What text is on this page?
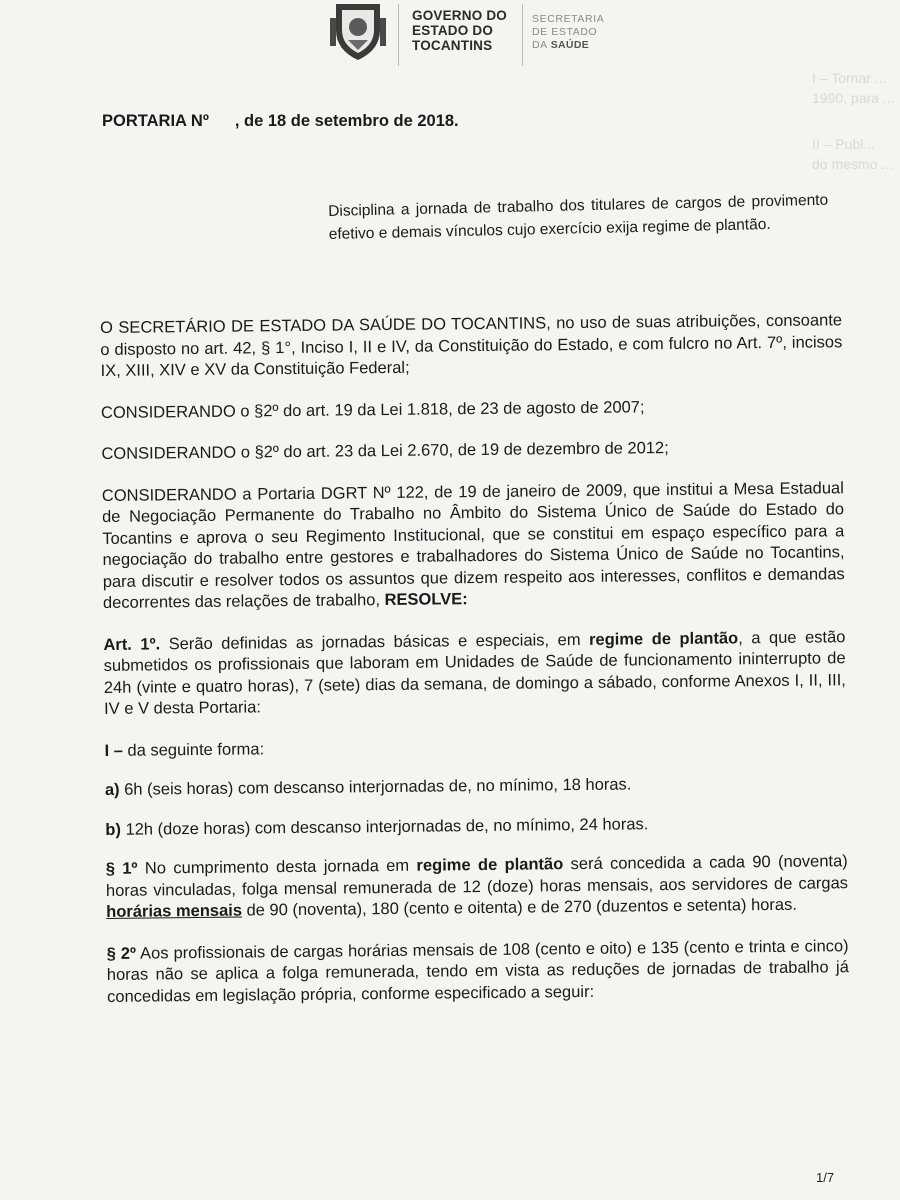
GOVERNO DO
ESTADO DO
TOCANTINS
SECRETARIA
DE ESTADO
DA SAÚDE
I – Tornar ...
1990, para ...
II – Publ...
do mesmo ...
PORTARIA Nº , de 18 de setembro de 2018.
Disciplina a jornada de trabalho dos titulares de cargos de provimento efetivo e demais vínculos cujo exercício exija regime de plantão.

O SECRETÁRIO DE ESTADO DA SAÚDE DO TOCANTINS, no uso de suas atribuições, consoante o disposto no art. 42, § 1°, Inciso I, II e IV, da Constituição do Estado, e com fulcro no Art. 7º, incisos IX, XIII, XIV e XV da Constituição Federal;

CONSIDERANDO o §2º do art. 19 da Lei 1.818, de 23 de agosto de 2007;

CONSIDERANDO o §2º do art. 23 da Lei 2.670, de 19 de dezembro de 2012;

CONSIDERANDO a Portaria DGRT Nº 122, de 19 de janeiro de 2009, que institui a Mesa Estadual de Negociação Permanente do Trabalho no Âmbito do Sistema Único de Saúde do Estado do Tocantins e aprova o seu Regimento Institucional, que se constitui em espaço específico para a negociação do trabalho entre gestores e trabalhadores do Sistema Único de Saúde no Tocantins, para discutir e resolver todos os assuntos que dizem respeito aos interesses, conflitos e demandas decorrentes das relações de trabalho, RESOLVE:

Art. 1º. Serão definidas as jornadas básicas e especiais, em regime de plantão, a que estão submetidos os profissionais que laboram em Unidades de Saúde de funcionamento ininterrupto de 24h (vinte e quatro horas), 7 (sete) dias da semana, de domingo a sábado, conforme Anexos I, II, III, IV e V desta Portaria:

I – da seguinte forma:

a) 6h (seis horas) com descanso interjornadas de, no mínimo, 18 horas.

b) 12h (doze horas) com descanso interjornadas de, no mínimo, 24 horas.

§ 1º No cumprimento desta jornada em regime de plantão será concedida a cada 90 (noventa) horas vinculadas, folga mensal remunerada de 12 (doze) horas mensais, aos servidores de cargas horárias mensais de 90 (noventa), 180 (cento e oitenta) e de 270 (duzentos e setenta) horas.

§ 2º Aos profissionais de cargas horárias mensais de 108 (cento e oito) e 135 (cento e trinta e cinco) horas não se aplica a folga remunerada, tendo em vista as reduções de jornadas de trabalho já concedidas em legislação própria, conforme especificado a seguir:

1/7
